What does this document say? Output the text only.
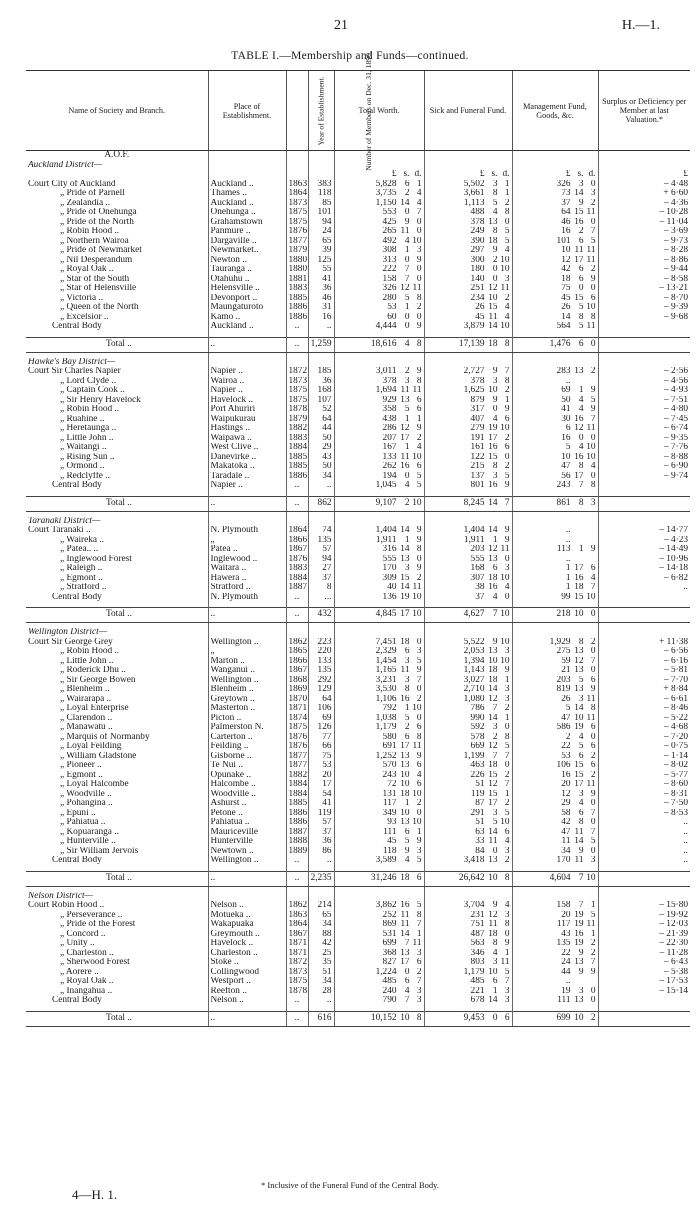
21	H.—1.
TABLE I.—Membership and Funds—continued.
Name of Society and Branch.	Place of Establishment.	Year of Establishment.	Number of Members on Dec. 31, 1890.	Total Worth.	Sick and Funeral Fund.	Management Fund, Goods, &c.	Surplus or Deficiency per Member at last Valuation.*
A.O.F.							
Auckland District—							

				£ s. d.	£ s. d.	£ s. d.	£
Court City of Auckland	Auckland ..	1863	383	5,828 6 1	5,502 3 1	326 3 0	– 4·48
„ Pride of Parnell	Thames ..	1864	118	3,735 2 4	3,661 8 1	73 14 3	+ 6·60
„ Zealandia ..	Auckland ..	1873	85	1,150 14 4	1,113 5 2	37 9 2	– 4·36
„ Pride of Onehunga	Onehunga ..	1875	101	553 0 7	488 4 8	64 15 11	– 10·28
„ Pride of the North	Grahamstown	1875	94	425 9 0	378 13 0	46 16 0	– 11·04
„ Robin Hood ..	Panmure ..	1876	24	265 11 0	249 8 5	16 2 7	– 3·69
„ Northern Wairoa	Dargaville ..	1877	65	492 4 10	390 18 5	101 6 5	– 9·73
„ Pride of Newmarket	Newmarket..	1879	39	308 1 3	297 9 4	10 11 11	– 8·28
„ Nil Desperandum	Newton ..	1880	125	313 0 9	300 2 10	12 17 11	– 8·86
„ Royal Oak ..	Tauranga ..	1880	55	222 7 0	180 0 10	42 6 2	– 9·44
„ Star of the South	Otahuhu ..	1881	41	158 7 0	140 0 3	18 6 9	– 8·58
„ Star of Helensville	Helensville ..	1883	36	326 12 11	251 12 11	75 0 0	– 13·21
„ Victoria ..	Devonport ..	1885	46	280 5 8	234 10 2	45 15 6	– 8·70
„ Queen of the North	Maungaturoto	1886	31	53 1 2	26 15 4	26 5 10	– 9·39
„ Excelsior ..	Kamo ..	1886	16	60 0 0	45 11 4	14 8 8	– 9·68
Central Body	Auckland ..	..	..	4,444 0 9	3,879 14 10	564 5 11	

Total ..	..	..	1,259	18,616 4 8	17,139 18 8	1,476 6 0	

Hawke's Bay District—							
Court Sir Charles Napier	Napier ..	1872	185	3,011 2 9	2,727 9 7	283 13 2	– 2·56
„ Lord Clyde ..	Wairoa ..	1873	36	378 3 8	378 3 8	..	– 4·56
„ Captain Cook ..	Napier ..	1875	168	1,694 11 11	1,625 10 2	69 1 9	– 4·93
„ Sir Henry Havelock	Havelock ..	1875	107	929 13 6	879 9 1	50 4 5	– 7·51
„ Robin Hood ..	Port Ahuriri	1878	52	358 5 6	317 0 9	41 4 9	– 4·80
„ Ruahine ..	Waipukurau	1879	64	438 1 1	407 4 6	30 16 7	– 7·45
„ Heretaunga ..	Hastings ..	1882	44	286 12 9	279 19 10	6 12 11	– 6·74
„ Little John ..	Waipawa ..	1883	50	207 17 2	191 17 2	16 0 0	– 9·35
„ Waitangi ..	West Clive ..	1884	29	167 1 4	161 16 6	5 4 10	– 7·76
„ Rising Sun ..	Danevirke ..	1885	43	133 11 10	122 15 0	10 16 10	– 8·88
„ Ormond ..	Makatoka ..	1885	50	262 16 6	215 8 2	47 8 4	– 6·90
„ Redclyffe ..	Taradale ..	1886	34	194 0 5	137 3 5	56 17 0	– 9·74
Central Body	Napier ..	..	..	1,045 4 5	801 16 9	243 7 8	

Total ..	..	..	862	9,107 2 10	8,245 14 7	861 8 3	

Taranaki District—							
Court Taranaki ..	N. Plymouth	1864	74	1,404 14 9	1,404 14 9	..	– 14·77
„ Waireka ..	„	1866	135	1,911 1 9	1,911 1 9	..	– 4·23
„ Patea.. ..	Patea ..	1867	57	316 14 8	203 12 11	113 1 9	– 14·49
„ Inglewood Forest	Inglewood ..	1876	94	555 13 0	555 13 0	..	– 10·96
„ Raleigh ..	Waitara ..	1883	27	170 3 9	168 6 3	1 17 6	– 14·18
„ Egmont ..	Hawera ..	1884	37	309 15 2	307 18 10	1 16 4	– 6·82
„ Stratford ..	Stratford ..	1887	8	40 14 11	38 16 4	1 18 7	..
Central Body	N. Plymouth	..	...	136 19 10	37 4 0	99 15 10	

Total ..	..	..	432	4,845 17 10	4,627 7 10	218 10 0	

Wellington District—							
Court Sir George Grey	Wellington ..	1862	223	7,451 18 0	5,522 9 10	1,929 8 2	+ 11·38
„ Robin Hood ..	„	1865	220	2,329 6 3	2,053 13 3	275 13 0	– 6·56
„ Little John ..	Marton ..	1866	133	1,454 3 5	1,394 10 10	59 12 7	– 6·16
„ Roderick Dhu ..	Wanganui ..	1867	135	1,165 11 9	1,143 18 9	21 13 0	– 5·81
„ Sir George Bowen	Wellington ..	1868	292	3,231 3 7	3,027 18 1	203 5 6	– 7·70
„ Blenheim ..	Blenheim ..	1869	129	3,530 8 0	2,710 14 3	819 13 9	+ 8·84
„ Wairarapa ..	Greytown ..	1870	64	1,106 16 2	1,080 12 3	26 3 11	– 6·61
„ Loyal Enterprise	Masterton ..	1871	106	792 1 10	786 7 2	5 14 8	– 8·46
„ Clarendon ..	Picton ..	1874	69	1,038 5 0	990 14 1	47 10 11	– 5·22
„ Manawatu ..	Palmerston N.	1875	126	1,179 2 6	592 3 0	586 19 6	– 4·68
„ Marquis of Normanby	Carterton ..	1876	77	580 6 8	578 2 8	2 4 0	– 7·20
„ Loyal Feilding	Feilding ..	1876	66	691 17 11	669 12 5	22 5 6	– 0·75
„ William Gladstone	Gisborne ..	1877	75	1,252 13 9	1,199 7 7	53 6 2	– 1·14
„ Pioneer ..	Te Nui ..	1877	53	570 13 6	463 18 0	106 15 6	– 8·02
„ Egmont ..	Opunake ..	1882	20	243 10 4	226 15 2	16 15 2	– 5·77
„ Loyal Halcombe	Halcombe ..	1884	17	72 10 6	51 12 7	20 17 11	– 8·60
„ Woodville ..	Woodville ..	1884	54	131 18 10	119 15 1	12 3 9	– 8·31
„ Pohangina ..	Ashurst ..	1885	41	117 1 2	87 17 2	29 4 0	– 7·50
„ Epuni ..	Petone ..	1886	119	349 10 0	291 3 5	58 6 7	– 8·53
„ Pahiatua ..	Pahiatua ..	1886	57	93 13 10	51 5 10	42 8 0	..
„ Kopuaranga ..	Mauriceville	1887	37	111 6 1	63 14 6	47 11 7	..
„ Hunterville ..	Hunterville	1888	36	45 5 9	33 11 4	11 14 5	..
„ Sir William Jervois	Newtown ..	1889	86	118 9 3	84 0 3	34 9 0	..
Central Body	Wellington ..	..	..	3,589 4 5	3,418 13 2	170 11 3	..

Total ..	..	..	2,235	31,246 18 6	26,642 10 8	4,604 7 10	

Nelson District—							
Court Robin Hood ..	Nelson ..	1862	214	3,862 16 5	3,704 9 4	158 7 1	– 15·80
„ Perseverance ..	Motueka ..	1863	65	252 11 8	231 12 3	20 19 5	– 19·92
„ Pride of the Forest	Wakapuaka	1864	34	869 11 7	751 11 8	117 19 11	– 12·03
„ Concord ..	Greymouth ..	1867	88	531 14 1	487 18 0	43 16 1	– 21·39
„ Unity ..	Havelock ..	1871	42	699 7 11	563 8 9	135 19 2	– 22·30
„ Charleston ..	Charleston ..	1871	25	368 13 3	346 4 1	22 9 2	– 11·28
„ Sherwood Forest	Stoke ..	1872	35	827 17 6	803 3 11	24 13 7	– 6·43
„ Aorere ..	Collingwood	1873	51	1,224 0 2	1,179 10 5	44 9 9	– 5·38
„ Royal Oak ..	Westport ..	1875	34	485 6 7	485 6 7	..	– 17·53
„ Inangahua ..	Reefton ..	1878	28	240 4 3	221 1 3	19 3 0	– 15·14
Central Body	Nelson ..	..	..	790 7 3	678 14 3	111 13 0	

Total ..	..	..	616	10,152 10 8	9,453 0 6	699 10 2	

* Inclusive of the Funeral Fund of the Central Body.
4—H. 1.
